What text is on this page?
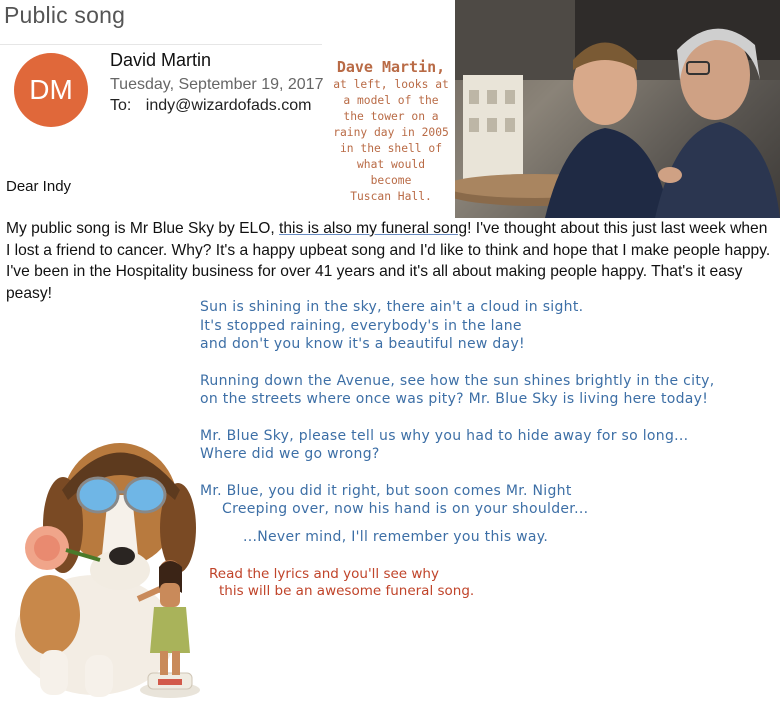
Public song
DM
David Martin
Tuesday, September 19, 2017
To: indy@wizardofads.com
Dave Martin,
at left, looks at
a model of the
the tower on a
rainy day in 2005
in the shell of
what would
become
Tuscan Hall.
Dear Indy
My public song is Mr Blue Sky by ELO, this is also my funeral song! I've thought about this just last week when I lost a friend to cancer. Why? It's a happy upbeat song and I'd like to think and hope that I make people happy. I've been in the Hospitality business for over 41 years and it's all about making people happy. That's it easy peasy!
Sun is shining in the sky, there ain't a cloud in sight.
It's stopped raining, everybody's in the lane
and don't you know it's a beautiful new day!
Running down the Avenue, see how the sun shines brightly in the city,
on the streets where once was pity? Mr. Blue Sky is living here today!
Mr. Blue Sky, please tell us why you had to hide away for so long...
Where did we go wrong?
Mr. Blue, you did it right, but soon comes Mr. Night
Creeping over, now his hand is on your shoulder...
...Never mind, I'll remember you this way.
Read the lyrics and you'll see why
this will be an awesome funeral song.
